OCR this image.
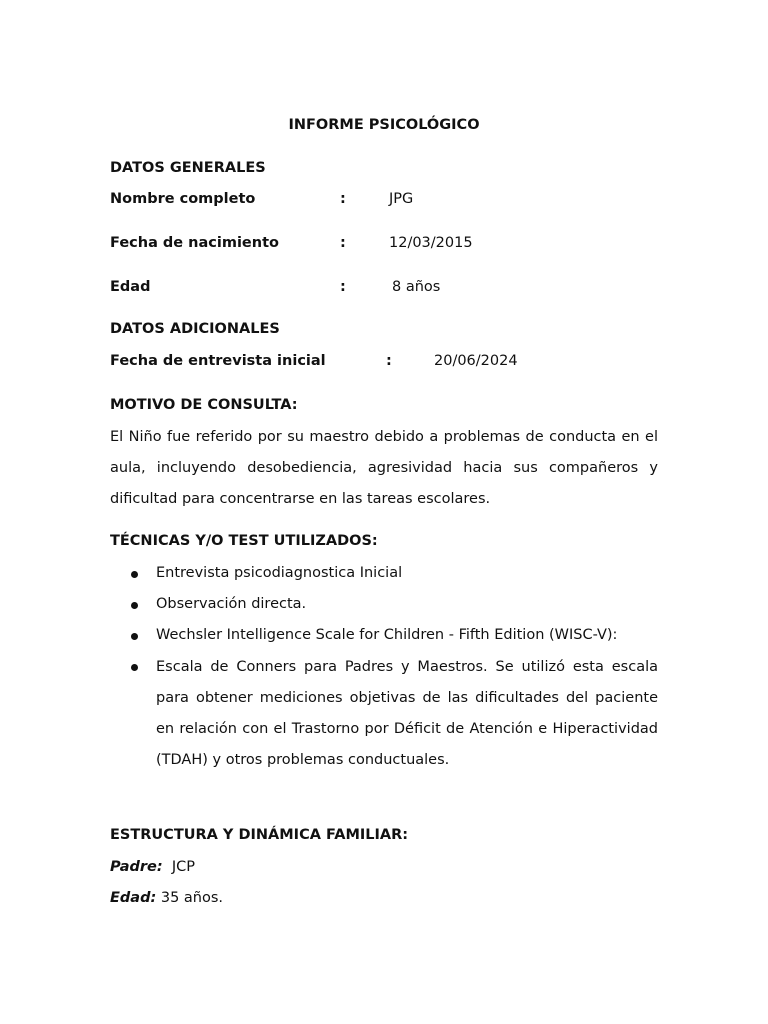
INFORME PSICOLÓGICO
DATOS GENERALES
Nombre completo	:	JPG
Fecha de nacimiento	:	12/03/2015
Edad	:	8 años
DATOS ADICIONALES
Fecha de entrevista inicial	:	20/06/2024
MOTIVO DE CONSULTA:
El Niño fue referido por su maestro debido a problemas de conducta en el aula, incluyendo desobediencia, agresividad hacia sus compañeros y dificultad para concentrarse en las tareas escolares.
TÉCNICAS Y/O TEST UTILIZADOS:
Entrevista psicodiagnostica Inicial
Observación directa.
Wechsler Intelligence Scale for Children - Fifth Edition (WISC-V):
Escala de Conners para Padres y Maestros. Se utilizó esta escala para obtener mediciones objetivas de las dificultades del paciente en relación con el Trastorno por Déficit de Atención e Hiperactividad (TDAH) y otros problemas conductuales.
ESTRUCTURA Y DINÁMICA FAMILIAR:
Padre: JCP
Edad: 35 años.
